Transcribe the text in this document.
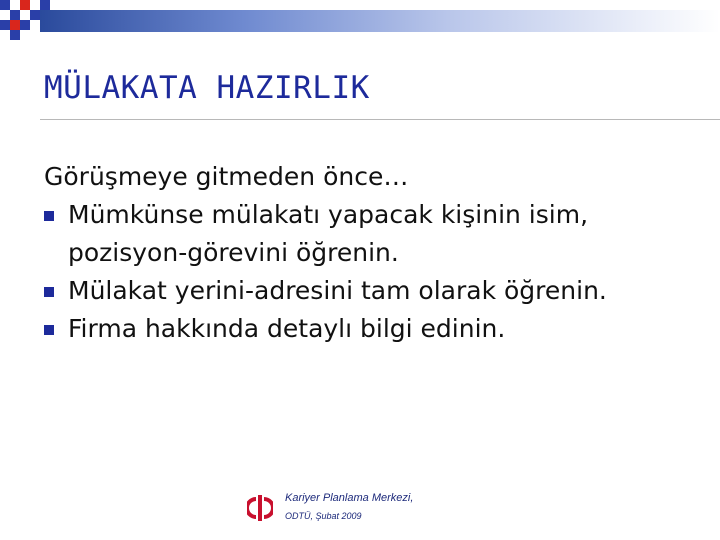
MÜLAKATA HAZIRLIK
Görüşmeye gitmeden önce…
Mümkünse mülakatı yapacak kişinin isim, pozisyon-görevini öğrenin.
Mülakat yerini-adresini tam olarak öğrenin.
Firma hakkında detaylı bilgi edinin.
Kariyer Planlama Merkezi,
ODTÜ, Şubat 2009
